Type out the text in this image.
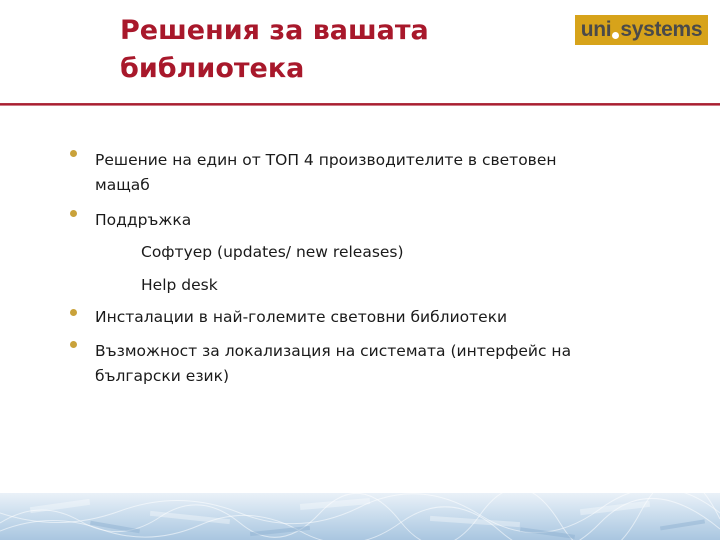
Решения за вашата
библиотека
uni systems
Решение на един от ТОП 4 производителите в световен
мащаб
Поддръжка
Софтуер (updates/ new releases)
Help desk
Инсталации в най-големите световни библиотеки
Възможност за локализация на системата (интерфейс на
български език)
